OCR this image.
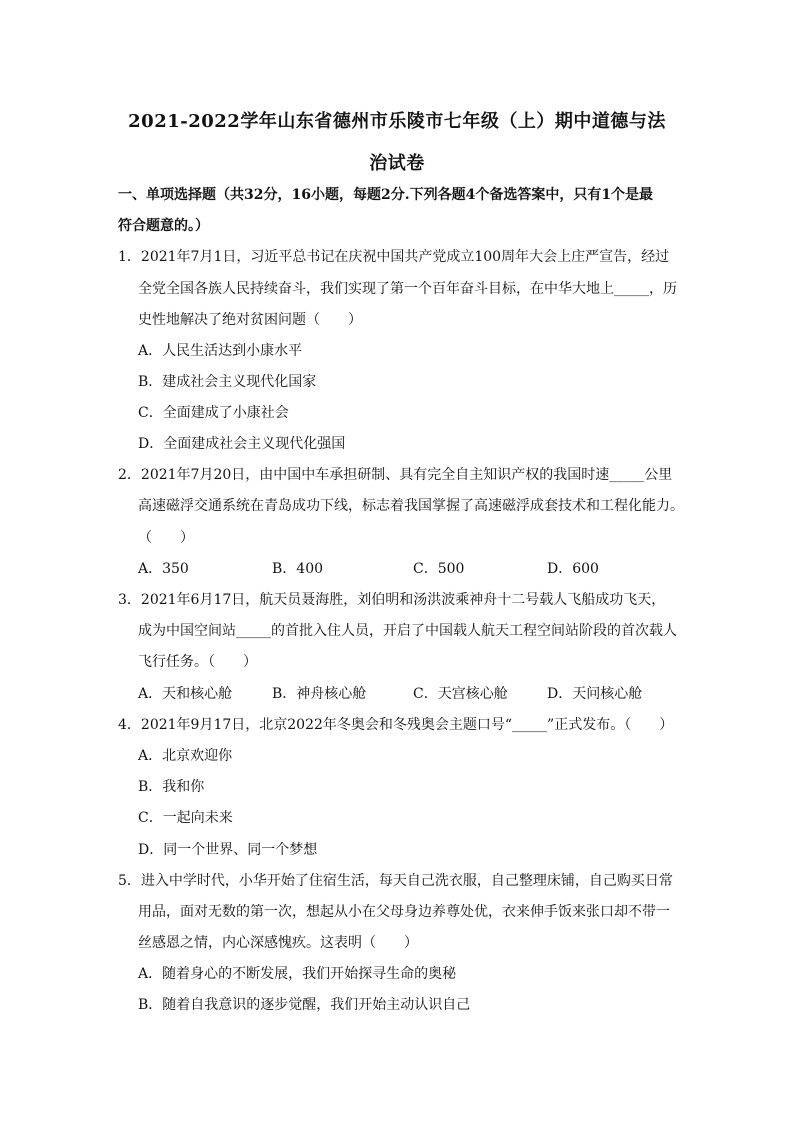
2021-2022学年山东省德州市乐陵市七年级（上）期中道德与法
治试卷
一、单项选择题（共32分，16小题，每题2分.下列各题4个备选答案中，只有1个是最
符合题意的。）
1．2021年7月1日，习近平总书记在庆祝中国共产党成立100周年大会上庄严宣告，经过
全党全国各族人民持续奋斗，我们实现了第一个百年奋斗目标，在中华大地上_____，历
史性地解决了绝对贫困问题（　　）
A．人民生活达到小康水平
B．建成社会主义现代化国家
C．全面建成了小康社会
D．全面建成社会主义现代化强国
2．2021年7月20日，由中国中车承担研制、具有完全自主知识产权的我国时速_____公里
高速磁浮交通系统在青岛成功下线，标志着我国掌握了高速磁浮成套技术和工程化能力。
（　　）
A．350	B．400	C．500	D．600
3．2021年6月17日，航天员聂海胜，刘伯明和汤洪波乘神舟十二号载人飞船成功飞天，
成为中国空间站_____的首批入住人员，开启了中国载人航天工程空间站阶段的首次载人
飞行任务。（　　）
A．天和核心舱	B．神舟核心舱	C．天宫核心舱	D．天问核心舱
4．2021年9月17日，北京2022年冬奥会和冬残奥会主题口号“_____”正式发布。（　　）
A．北京欢迎你
B．我和你
C．一起向未来
D．同一个世界、同一个梦想
5．进入中学时代，小华开始了住宿生活，每天自己洗衣服，自己整理床铺，自己购买日常
用品，面对无数的第一次，想起从小在父母身边养尊处优，衣来伸手饭来张口却不带一
丝感恩之情，内心深感愧疚。这表明（　　）
A．随着身心的不断发展，我们开始探寻生命的奥秘
B．随着自我意识的逐步觉醒，我们开始主动认识自己
